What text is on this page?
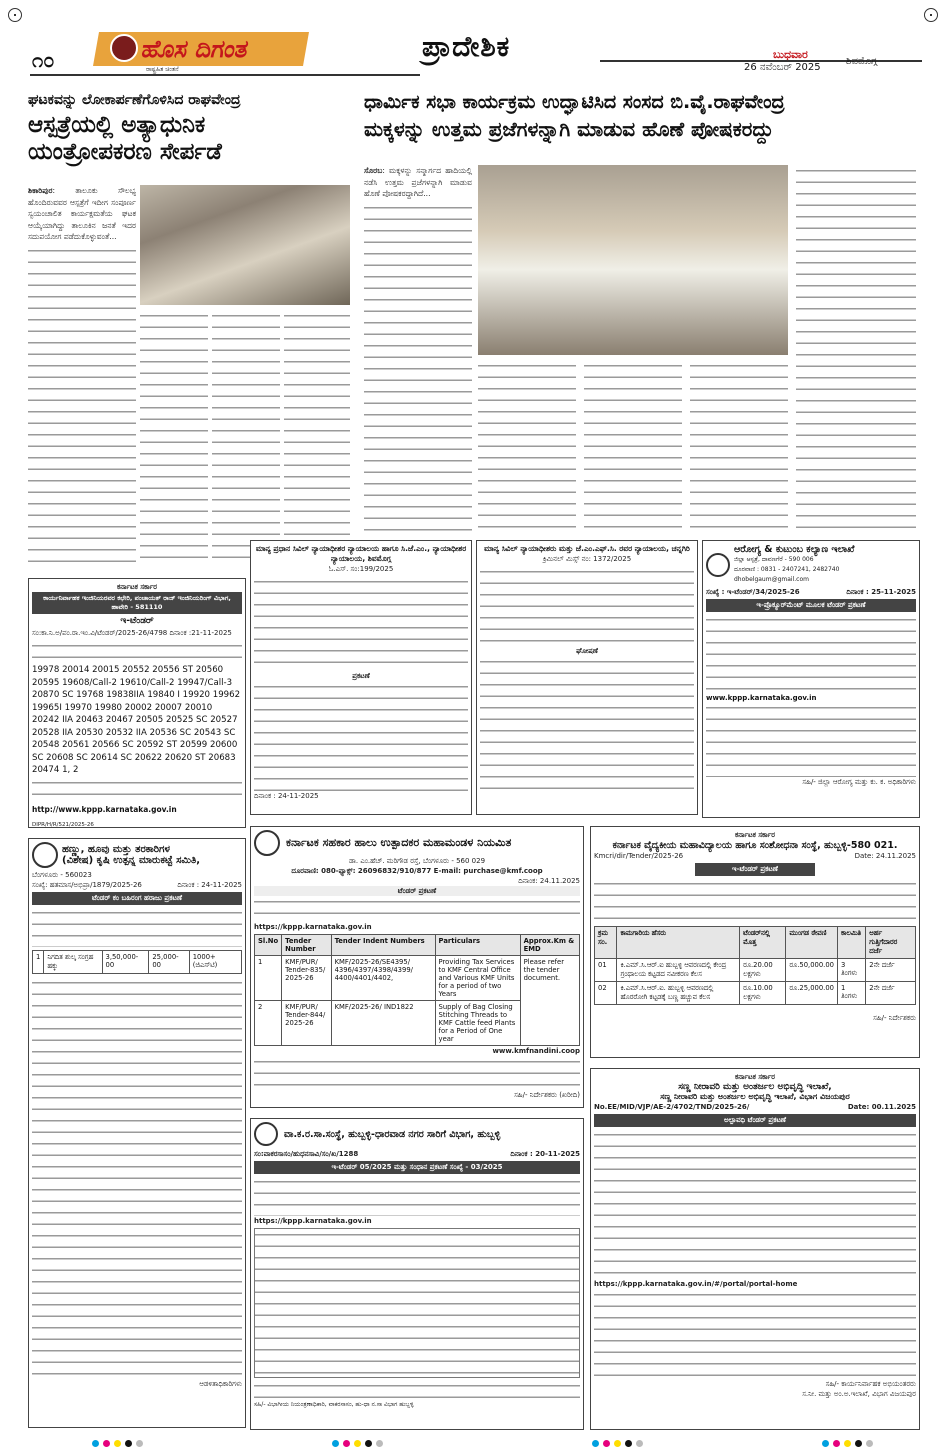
೧೦	ಹೊಸ ದಿಗಂತ
ರಾಷ್ಟ್ರಹಿತ ಚಿಂತನೆ
ಪ್ರಾದೇಶಿಕ	ಬುಧವಾರ
26 ನವೆಂಬರ್ 2025
ಶಿವಮೊಗ್ಗ
ಘಟಕವನ್ನು ಲೋಕಾರ್ಪಣೆಗೊಳಿಸಿದ ರಾಘವೇಂದ್ರ
ಆಸ್ಪತ್ರೆಯಲ್ಲಿ ಅತ್ಯಾಧುನಿಕ
ಯಂತ್ರೋಪಕರಣ ಸೇರ್ಪಡೆ
ಶಿಕಾರಿಪುರ: ತಾಲೂಕು ಸೌಲಭ್ಯ ಹೊಂದಿರುವವರ ಆಸ್ಪತ್ರೆಗೆ ಇದೀಗ ಸಂಪೂರ್ಣ ಸ್ವಯಂಚಾಲಿತ ಕಾರ್ಯಕ್ಷಮತೆಯ ಘಟಕ ಆಯ್ಕೆಯಾಗಿದ್ದು ತಾಲೂಕಿನ ಜನತೆ ಇದರ ಸದುಪಯೋಗ ಪಡೆದುಕೊಳ್ಳುವಂತೆ...
ಧಾರ್ಮಿಕ ಸಭಾ ಕಾರ್ಯಕ್ರಮ ಉದ್ಘಾಟಿಸಿದ ಸಂಸದ ಬಿ.ವೈ.ರಾಘವೇಂದ್ರ
ಮಕ್ಕಳನ್ನು ಉತ್ತಮ ಪ್ರಜೆಗಳನ್ನಾಗಿ ಮಾಡುವ ಹೊಣೆ ಪೋಷಕರದ್ದು
ಸೊರಬ: ಮಕ್ಕಳನ್ನು ಸನ್ಮಾರ್ಗದ ಹಾದಿಯಲ್ಲಿ ನಡೆಸಿ ಉತ್ತಮ ಪ್ರಜೆಗಳನ್ನಾಗಿ ಮಾಡುವ ಹೊಣೆ ಪೋಷಕರದ್ದಾಗಿದೆ...
ಕರ್ನಾಟಕ ಸರ್ಕಾರ
ಕಾರ್ಯನಿರ್ವಾಹಕ ಇಂಜಿನಿಯರವರ ಕಛೇರಿ, ಪಂಚಾಯತ್ ರಾಜ್ ಇಂಜಿನಿಯರಿಂಗ್ ವಿಭಾಗ, ಹಾವೇರಿ - 581110
ಇ-ಟೆಂಡರ್
ಸಂ:ಕಾ.ನಿ.ಅ/ಪಂ.ರಾ.ಇಂ.ವಿ/ಟೆಂಡರ್/2025-26/4798 ದಿನಾಂಕ :21-11-2025
19978 20014 20015 20552 20556 ST 20560 20595 19608/Call-2 19610/Call-2 19947/Call-3 20870 SC 19768 19838IIA 19840 I 19920 19962 19965I 19970 19980 20002 20007 20010 20242 IIA 20463 20467 20505 20525 SC 20527 20528 IIA 20530 20532 IIA 20536 SC 20543 SC 20548 20561 20566 SC 20592 ST 20599 20600 SC 20608 SC 20614 SC 20622 20620 ST 20683 20474 1, 2
http://www.kppp.karnataka.gov.in
DIPR/H/R/521/2025-26
ಹಣ್ಣು, ಹೂವು ಮತ್ತು ತರಕಾರಿಗಳ
(ವಿಶೇಷ) ಕೃಷಿ ಉತ್ಪನ್ನ ಮಾರುಕಟ್ಟೆ ಸಮಿತಿ,
ಬೆಂಗಳೂರು - 560023
ಸಂಖ್ಯೆ: ಹತಮಾಸ/ಅಭಿಪ್ರಾ/1879/2025-26	ದಿನಾಂಕ : 24-11-2025
ಟೆಂಡರ್ ಕಂ ಬಹಿರಂಗ ಹರಾಜು ಪ್ರಕಟಣೆ
1	ನಿಗದಿತ ಶುಲ್ಕ ಸಂಗ್ರಹ ಹಕ್ಕು	3,50,000-00	25,000-00	1000+ (ಜಿಎಸ್‌ಟಿ)
ಆಡಳಿತಾಧಿಕಾರಿಗಳು
ಮಾನ್ಯ ಪ್ರಧಾನ ಸಿವಿಲ್ ನ್ಯಾಯಾಧೀಶರ ನ್ಯಾಯಾಲಯ ಹಾಗೂ ಸಿ.ಜೆ.ಎಂ., ನ್ಯಾಯಾಧೀಶರ ನ್ಯಾಯಾಲಯ, ಶಿವಮೊಗ್ಗ
ಓ.ಎಸ್. ಸಂ:199/2025
ಪ್ರಕಟಣೆ
ದಿನಾಂಕ : 24-11-2025
ಮಾನ್ಯ ಸಿವಿಲ್ ನ್ಯಾಯಾಧೀಶರು ಮತ್ತು ಜೆ.ಎಂ.ಎಫ್.ಸಿ. ರವರ ನ್ಯಾಯಾಲಯ, ಚನ್ನಗಿರಿ
ಕ್ರಿಮಿನಲ್ ಮಿಸ್ಸ್ ನಂ: 1372/2025
ಘೋಷಣೆ
ಆರೋಗ್ಯ & ಕುಟುಂಬ ಕಲ್ಯಾಣ ಇಲಾಖೆ
ಜಿಲ್ಲಾ ಆಸ್ಪತ್ರೆ, ದಾವಣಗೆರೆ - 590 006
ದೂರವಾಣಿ : 0831 - 2407241, 2482740
dhobelgaum@gmail.com
ಸಂಖ್ಯೆ : ಇ-ಟೆಂಡರ್/34/2025-26	ದಿನಾಂಕ : 25-11-2025
ಇ-ಪ್ರೊಕ್ಯೂರ್‌ಮೆಂಟ್ ಮೂಲಕ ಟೆಂಡರ್ ಪ್ರಕಟಣೆ
www.kppp.karnataka.gov.in
ಸಹಿ/- ಜಿಲ್ಲಾ ಆರೋಗ್ಯ ಮತ್ತು ಕು. ಕ. ಅಧಿಕಾರಿಗಳು
ಕರ್ನಾಟಕ ಸಹಕಾರ ಹಾಲು ಉತ್ಪಾದಕರ ಮಹಾಮಂಡಳ ನಿಯಮಿತ
ಡಾ. ಎಂ.ಹೆಚ್. ಮರಿಗೌಡ ರಸ್ತೆ, ಬೆಂಗಳೂರು - 560 029
ದೂರವಾಣಿ: 080-ಫ್ಯಾಕ್ಸ್: 26096832/910/877 E-mail: purchase@kmf.coop
ದಿನಾಂಕ: 24.11.2025
ಟೆಂಡರ್ ಪ್ರಕಟಣೆ
https://kppp.karnataka.gov.in
Sl.No	Tender Number	Tender Indent Numbers	Particulars	Approx.Km & EMD
1	KMF/PUR/ Tender-835/ 2025-26	KMF/2025-26/SE4395/ 4396/4397/4398/4399/ 4400/4401/4402,	Providing Tax Services to KMF Central Office and Various KMF Units for a period of two Years	Please refer the tender document.
2	KMF/PUR/ Tender-844/ 2025-26	KMF/2025-26/ IND1822	Supply of Bag Closing Stitching Threads to KMF Cattle feed Plants for a Period of One year	
www.kmfnandini.coop
ಸಹಿ/- ನಿರ್ದೇಶಕರು (ಖರೀದಿ)
ಕರ್ನಾಟಕ ಸರ್ಕಾರ
ಕರ್ನಾಟಕ ವೈದ್ಯಕೀಯ ಮಹಾವಿದ್ಯಾಲಯ ಹಾಗೂ ಸಂಶೋಧನಾ ಸಂಸ್ಥೆ, ಹುಬ್ಬಳ್ಳಿ-580 021.
Kmcri/dir/Tender/2025-26	Date: 24.11.2025
ಇ-ಟೆಂಡರ್ ಪ್ರಕಟಣೆ
ಕ್ರಮ ಸಂ.	ಕಾಮಗಾರಿಯ ಹೆಸರು	ಟೆಂಡರ್‌ನಲ್ಲಿ ಮೊತ್ತ	ಮುಂಗಡ ಠೇವಣಿ	ಕಾಲಮಿತಿ	ಅರ್ಹ ಗುತ್ತಿಗೆದಾರರ ದರ್ಜೆ
01	ಕಿ.ಎಮ್.ಸಿ.ಆರ್.ಐ ಹುಬ್ಬಳ್ಳಿ ಆವರಣದಲ್ಲಿ ಕೇಂದ್ರ ಗ್ರಂಥಾಲಯ ಕಟ್ಟಡದ ನವೀಕರಣ ಕೆಲಸ	ರೂ.20.00 ಲಕ್ಷಗಳು	ರೂ.50,000.00	3 ತಿಂಗಳು	2ನೇ ದರ್ಜೆ
02	ಕಿ.ಎಮ್.ಸಿ.ಆರ್.ಐ. ಹುಬ್ಬಳ್ಳಿ ಆವರಣದಲ್ಲಿ ಹೊರರೋಗಿ ಕಟ್ಟಡಕ್ಕೆ ಬಣ್ಣ ಹಚ್ಚುವ ಕೆಲಸ	ರೂ.10.00 ಲಕ್ಷಗಳು	ರೂ.25,000.00	1 ತಿಂಗಳು	2ನೇ ದರ್ಜೆ
ಸಹಿ/- ನಿರ್ದೇಶಕರು
ವಾ.ಕ.ರ.ಸಾ.ಸಂಸ್ಥೆ, ಹುಬ್ಬಳ್ಳಿ-ಧಾರವಾಡ ನಗರ ಸಾರಿಗೆ ವಿಭಾಗ, ಹುಬ್ಬಳ್ಳಿ
ಸಂ:ವಾಕರಸಾಸಂ/ಹುಧನಸಾವಿ/ಸಂ/ಖ/1288	ದಿನಾಂಕ : 20-11-2025
ಇ-ಟೆಂಡರ್ 05/2025 ಮತ್ತು ಸಂಧಾನ ಪ್ರಕಟಣೆ ಸಂಖ್ಯೆ - 03/2025
https://kppp.karnataka.gov.in
ಸಹಿ/- ವಿಭಾಗೀಯ ನಿಯಂತ್ರಣಾಧಿಕಾರಿ, ವಾಕರಸಾಸಂ, ಹು-ಧಾ ನ.ಸಾ ವಿಭಾಗ ಹುಬ್ಬಳ್ಳಿ
ಕರ್ನಾಟಕ ಸರ್ಕಾರ
ಸಣ್ಣ ನೀರಾವರಿ ಮತ್ತು ಅಂತರ್ಜಲ ಅಭಿವೃದ್ಧಿ ಇಲಾಖೆ,
ಸಣ್ಣ ನೀರಾವರಿ ಮತ್ತು ಅಂತರ್ಜಲ ಅಭಿವೃದ್ಧಿ ಇಲಾಖೆ, ವಿಭಾಗ ವಿಜಯಪುರ
No.EE/MID/VJP/AE-2/4702/TND/2025-26/	Date: 00.11.2025
ಅಲ್ಪಾವಧಿ ಟೆಂಡರ್ ಪ್ರಕಟಣೆ
https://kppp.karnataka.gov.in/#/portal/portal-home
ಸಹಿ/- ಕಾರ್ಯನಿರ್ವಾಹಕ ಅಭಿಯಂತರರು
ಸ.ನೀ. ಮತ್ತು ಅಂ.ಅ.ಇಲಾಖೆ, ವಿಭಾಗ ವಿಜಯಪುರ
